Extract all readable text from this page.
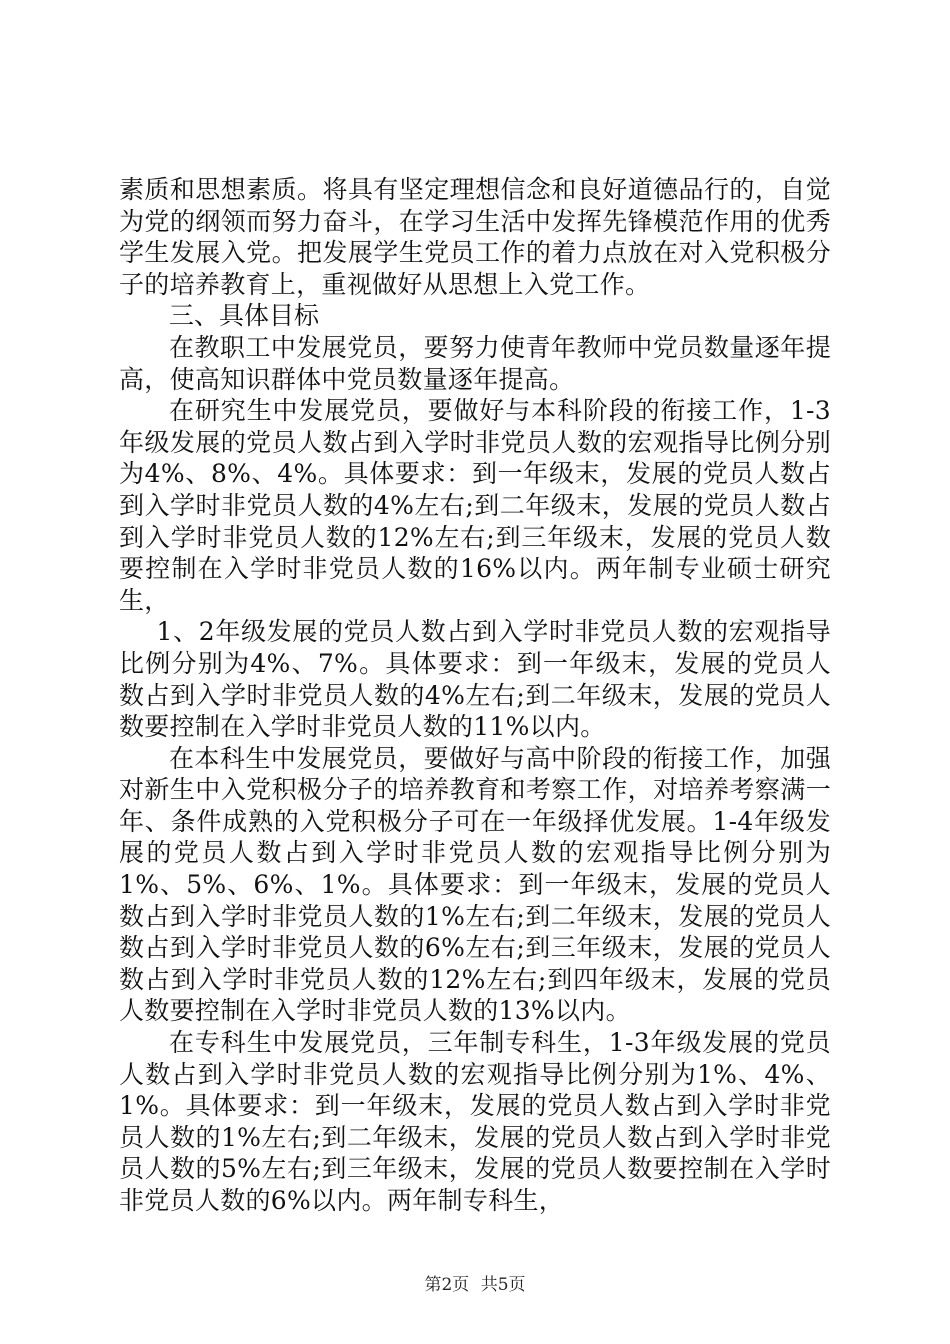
素质和思想素质。将具有坚定理想信念和良好道德品行的，自觉为党的纲领而努力奋斗，在学习生活中发挥先锋模范作用的优秀学生发展入党。把发展学生党员工作的着力点放在对入党积极分子的培养教育上，重视做好从思想上入党工作。

三、具体目标

在教职工中发展党员，要努力使青年教师中党员数量逐年提高，使高知识群体中党员数量逐年提高。

在研究生中发展党员，要做好与本科阶段的衔接工作，1-3年级发展的党员人数占到入学时非党员人数的宏观指导比例分别为4%、8%、4%。具体要求：到一年级末，发展的党员人数占到入学时非党员人数的4%左右;到二年级末，发展的党员人数占到入学时非党员人数的12%左右;到三年级末，发展的党员人数要控制在入学时非党员人数的16%以内。两年制专业硕士研究生，

1、2年级发展的党员人数占到入学时非党员人数的宏观指导比例分别为4%、7%。具体要求：到一年级末，发展的党员人数占到入学时非党员人数的4%左右;到二年级末，发展的党员人数要控制在入学时非党员人数的11%以内。

在本科生中发展党员，要做好与高中阶段的衔接工作，加强对新生中入党积极分子的培养教育和考察工作，对培养考察满一年、条件成熟的入党积极分子可在一年级择优发展。1-4年级发展的党员人数占到入学时非党员人数的宏观指导比例分别为1%、5%、6%、1%。具体要求：到一年级末，发展的党员人数占到入学时非党员人数的1%左右;到二年级末，发展的党员人数占到入学时非党员人数的6%左右;到三年级末，发展的党员人数占到入学时非党员人数的12%左右;到四年级末，发展的党员人数要控制在入学时非党员人数的13%以内。

在专科生中发展党员，三年制专科生，1-3年级发展的党员人数占到入学时非党员人数的宏观指导比例分别为1%、4%、1%。具体要求：到一年级末，发展的党员人数占到入学时非党员人数的1%左右;到二年级末，发展的党员人数占到入学时非党员人数的5%左右;到三年级末，发展的党员人数要控制在入学时非党员人数的6%以内。两年制专科生，

第2页 共5页
